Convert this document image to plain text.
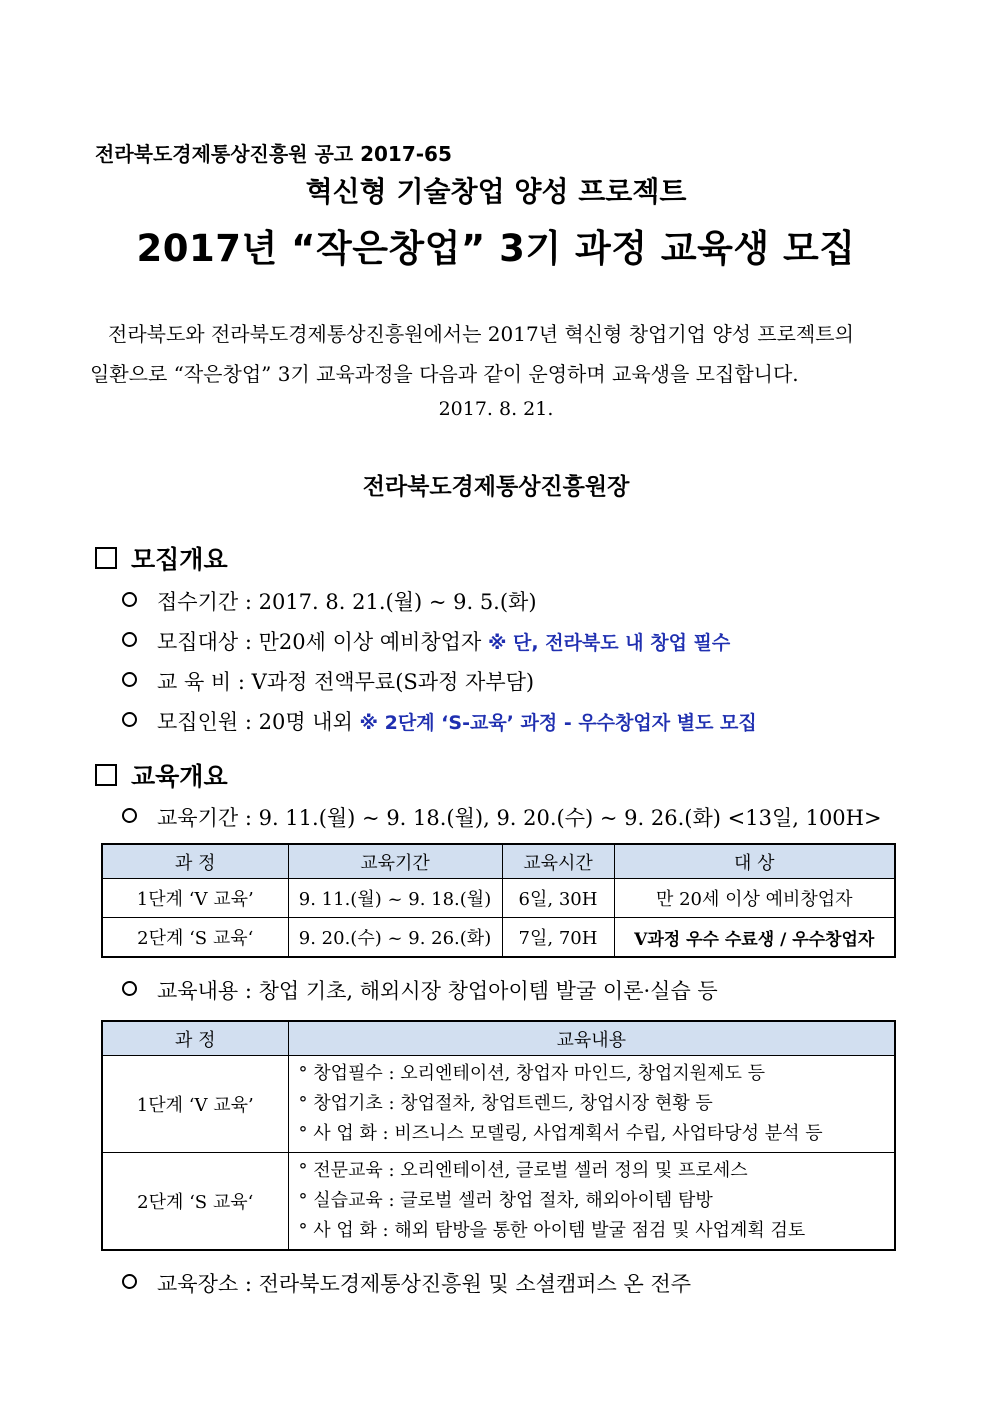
전라북도경제통상진흥원 공고 2017-65
혁신형 기술창업 양성 프로젝트
2017년 “작은창업” 3기 과정 교육생 모집
전라북도와 전라북도경제통상진흥원에서는 2017년 혁신형 창업기업 양성 프로젝트의
일환으로 “작은창업” 3기 교육과정을 다음과 같이 운영하며 교육생을 모집합니다.
2017. 8. 21.
전라북도경제통상진흥원장
모집개요
접수기간 : 2017. 8. 21.(월) ~ 9. 5.(화)
모집대상 : 만20세 이상 예비창업자 ※ 단, 전라북도 내 창업 필수
교 육 비 : V과정 전액무료(S과정 자부담)
모집인원 : 20명 내외 ※ 2단계 ‘S-교육’ 과정 - 우수창업자 별도 모집
교육개요
교육기간 : 9. 11.(월) ~ 9. 18.(월), 9. 20.(수) ~ 9. 26.(화) <13일, 100H>
과 정	교육기간	교육시간	대 상
1단계 ‘V 교육’	9. 11.(월) ~ 9. 18.(월)	6일, 30H	만 20세 이상 예비창업자
2단계 ‘S 교육‘	9. 20.(수) ~ 9. 26.(화)	7일, 70H	V과정 우수 수료생 / 우수창업자
교육내용 : 창업 기초, 해외시장 창업아이템 발굴 이론·실습 등
과 정	교육내용
1단계 ‘V 교육’	° 창업필수 : 오리엔테이션, 창업자 마인드, 창업지원제도 등
° 창업기초 : 창업절차, 창업트렌드, 창업시장 현황 등
° 사 업 화 : 비즈니스 모델링, 사업계획서 수립, 사업타당성 분석 등

2단계 ‘S 교육‘	° 전문교육 : 오리엔테이션, 글로벌 셀러 정의 및 프로세스
° 실습교육 : 글로벌 셀러 창업 절차, 해외아이템 탐방
° 사 업 화 : 해외 탐방을 통한 아이템 발굴 점검 및 사업계획 검토
교육장소 : 전라북도경제통상진흥원 및 소셜캠퍼스 온 전주
